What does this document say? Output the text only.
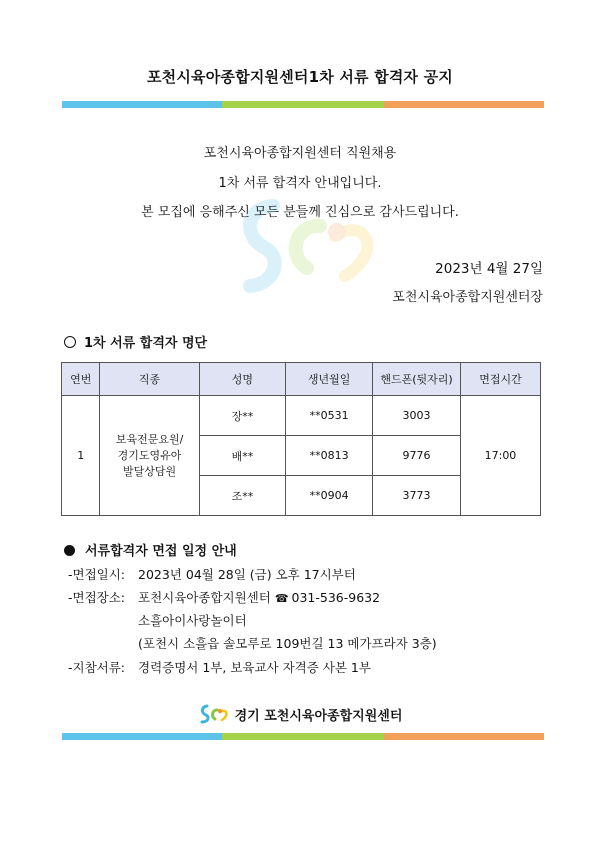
포천시육아종합지원센터1차 서류 합격자 공지
포천시육아종합지원센터 직원채용
1차 서류 합격자 안내입니다.
본 모집에 응해주신 모든 분들께 진심으로 감사드립니다.
2023년 4월 27일
포천시육아종합지원센터장
1차 서류 합격자 명단
연번	직종	성명	생년월일	핸드폰(뒷자리)	면접시간
1	보육전문요원/
경기도영유아
발달상담원	장**	**0531	3003	17:00
		배**	**0813	9776	
		조**	**0904	3773	
서류합격자 면접 일정 안내
-면접일시: 2023년 04월 28일 (금) 오후 17시부터
-면접장소: 포천시육아종합지원센터 ☎ 031-536-9632
소흘아이사랑놀이터
(포천시 소흘읍 솔모루로 109번길 13 메가프라자 3층)
-지참서류: 경력증명서 1부, 보육교사 자격증 사본 1부
경기 포천시육아종합지원센터
